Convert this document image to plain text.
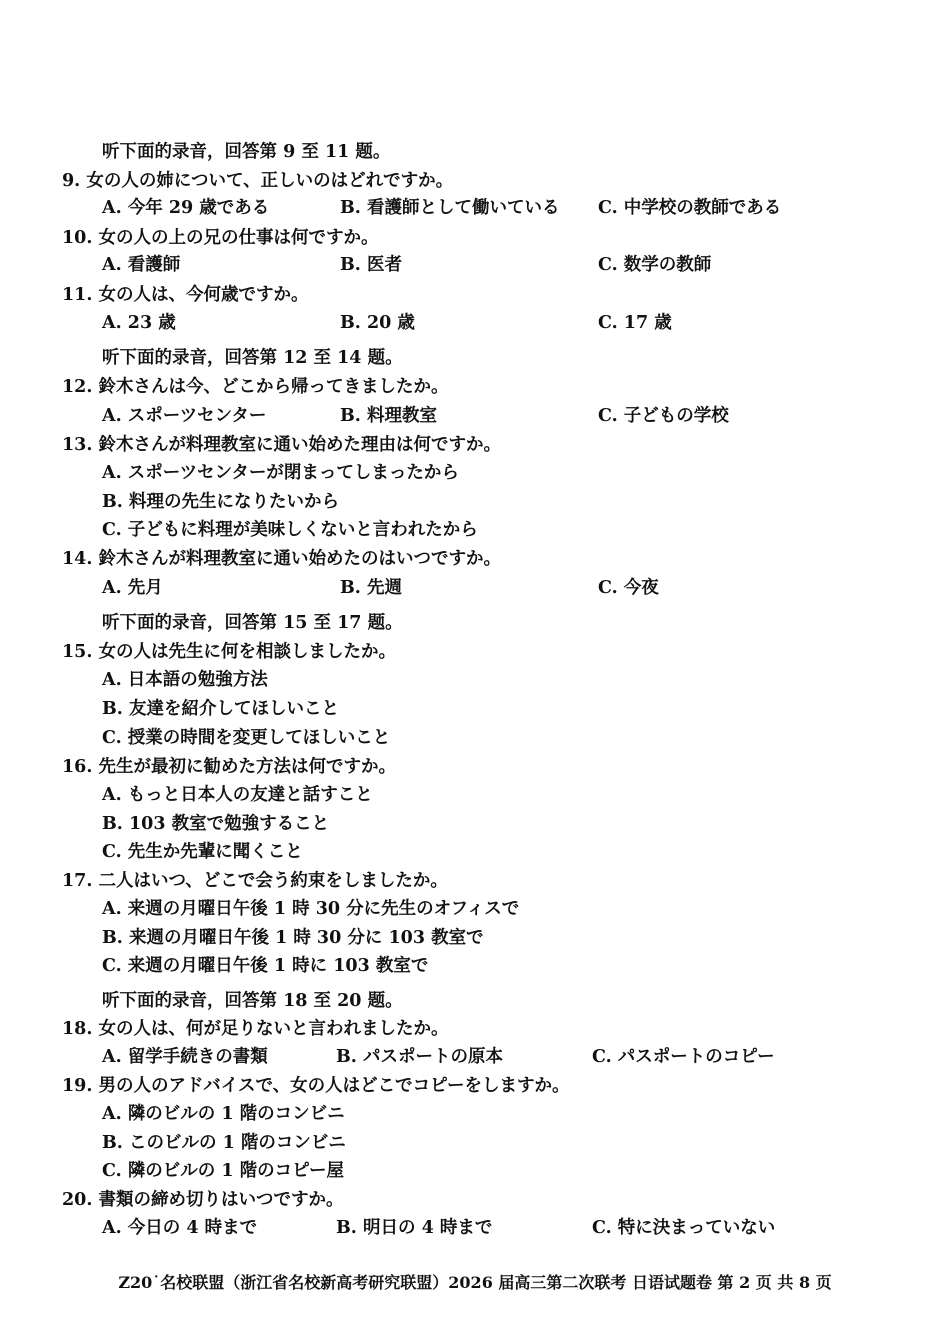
听下面的录音，回答第 9 至 11 题。
9. 女の人の姉について、正しいのはどれですか。
A. 今年 29 歳である	B. 看護師として働いている C. 中学校の教師である
10. 女の人の上の兄の仕事は何ですか。
A. 看護師	B. 医者	C. 数学の教師
11. 女の人は、今何歳ですか。
A. 23 歳	B. 20 歳	C. 17 歳
听下面的录音，回答第 12 至 14 题。
12. 鈴木さんは今、どこから帰ってきましたか。
A. スポーツセンター	B. 料理教室	C. 子どもの学校
13. 鈴木さんが料理教室に通い始めた理由は何ですか。
A. スポーツセンターが閉まってしまったから
B. 料理の先生になりたいから
C. 子どもに料理が美味しくないと言われたから
14. 鈴木さんが料理教室に通い始めたのはいつですか。
A. 先月	B. 先週	C. 今夜
听下面的录音，回答第 15 至 17 题。
15. 女の人は先生に何を相談しましたか。
A. 日本語の勉強方法
B. 友達を紹介してほしいこと
C. 授業の時間を変更してほしいこと
16. 先生が最初に勧めた方法は何ですか。
A. もっと日本人の友達と話すこと
B. 103 教室で勉強すること
C. 先生か先輩に聞くこと
17. 二人はいつ、どこで会う約束をしましたか。
A. 来週の月曜日午後 1 時 30 分に先生のオフィスで
B. 来週の月曜日午後 1 時 30 分に 103 教室で
C. 来週の月曜日午後 1 時に 103 教室で
听下面的录音，回答第 18 至 20 题。
18. 女の人は、何が足りないと言われましたか。
A. 留学手続きの書類	B. パスポートの原本	C. パスポートのコピー
19. 男の人のアドバイスで、女の人はどこでコピーをしますか。
A. 隣のビルの 1 階のコンビニ
B. このビルの 1 階のコンビニ
C. 隣のビルの 1 階のコピー屋
20. 書類の締め切りはいつですか。
A. 今日の 4 時まで	B. 明日の 4 時まで	C. 特に決まっていない
Z20˙名校联盟（浙江省名校新高考研究联盟）2026 届高三第二次联考 日语试题卷 第 2 页 共 8 页
